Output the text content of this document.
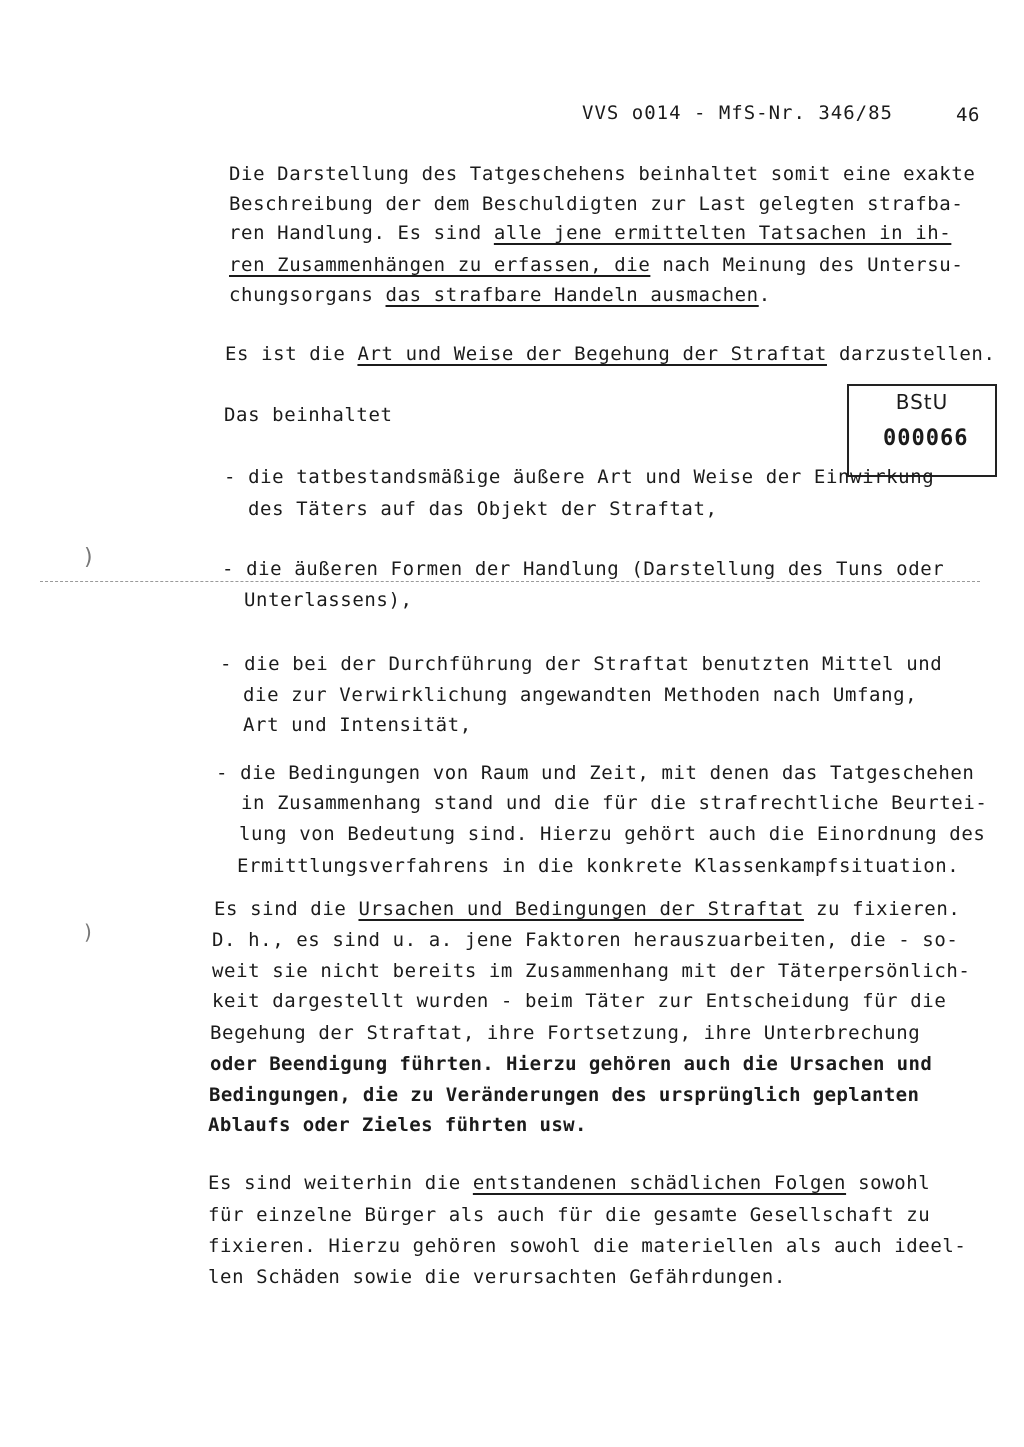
VVS o014 - MfS-Nr. 346/85	46
Die Darstellung des Tatgeschehens beinhaltet somit eine exakte
Beschreibung der dem Beschuldigten zur Last gelegten strafba-
ren Handlung. Es sind alle jene ermittelten Tatsachen in ih-
ren Zusammenhängen zu erfassen, die nach Meinung des Untersu-
chungsorgans das strafbare Handeln ausmachen.
Es ist die Art und Weise der Begehung der Straftat darzustellen.
BStU
000066
Das beinhaltet
- die tatbestandsmäßige äußere Art und Weise der Einwirkung
des Täters auf das Objekt der Straftat,
- die äußeren Formen der Handlung (Darstellung des Tuns oder
Unterlassens),
- die bei der Durchführung der Straftat benutzten Mittel und
die zur Verwirklichung angewandten Methoden nach Umfang,
Art und Intensität,
- die Bedingungen von Raum und Zeit, mit denen das Tatgeschehen
in Zusammenhang stand und die für die strafrechtliche Beurtei-
lung von Bedeutung sind. Hierzu gehört auch die Einordnung des
Ermittlungsverfahrens in die konkrete Klassenkampfsituation.
Es sind die Ursachen und Bedingungen der Straftat zu fixieren.
D. h., es sind u. a. jene Faktoren herauszuarbeiten, die - so-
weit sie nicht bereits im Zusammenhang mit der Täterpersönlich-
keit dargestellt wurden - beim Täter zur Entscheidung für die
Begehung der Straftat, ihre Fortsetzung, ihre Unterbrechung
oder Beendigung führten. Hierzu gehören auch die Ursachen und
Bedingungen, die zu Veränderungen des ursprünglich geplanten
Ablaufs oder Zieles führten usw.
Es sind weiterhin die entstandenen schädlichen Folgen sowohl
für einzelne Bürger als auch für die gesamte Gesellschaft zu
fixieren. Hierzu gehören sowohl die materiellen als auch ideel-
len Schäden sowie die verursachten Gefährdungen.
)
)
